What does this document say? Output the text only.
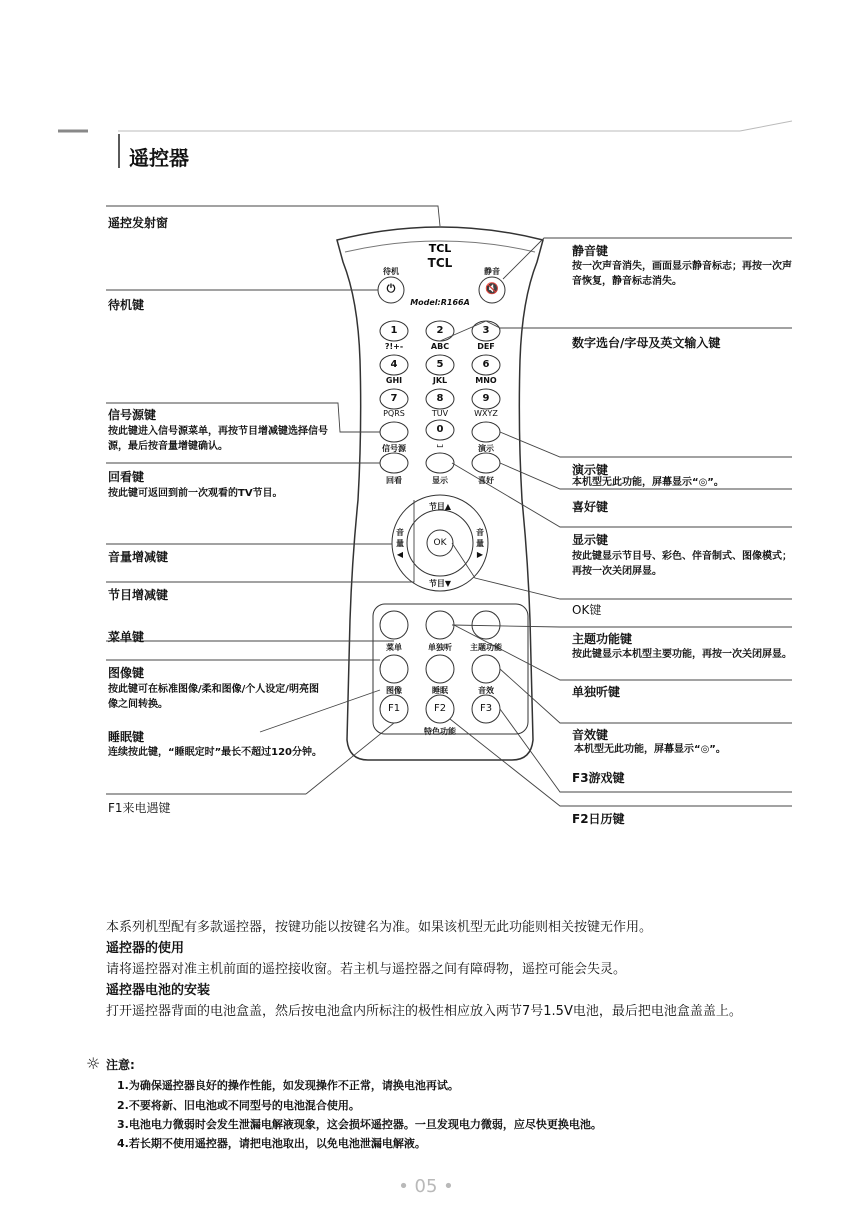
遥控器
TCL
TCL
Model:R166A
待机
⏻
静音
🔇
1	2	3
?!+-	ABC	DEF
4	5	6
GHI	JKL	MNO
7	8	9
PQRS	TUV	WXYZ
0
⌴
信号源	演示
回看	显示	喜好
节目▲
节目▼
音量◀
音量▶
OK
菜单	单独听	主题功能
图像	睡眠	音效
F1	F2	F3
特色功能
遥控发射窗
待机键
信号源键
按此键进入信号源菜单，再按节目增减键选择信号源，最后按音量增键确认。
回看键
按此键可返回到前一次观看的TV节目。
音量增减键
节目增减键
菜单键
图像键
按此键可在标准图像/柔和图像/个人设定/明亮图像之间转换。
睡眠键
连续按此键，“睡眠定时”最长不超过120分钟。
F1来电遇键
静音键
按一次声音消失，画面显示静音标志；再按一次声音恢复，静音标志消失。
数字选台/字母及英文输入键
演示键
本机型无此功能，屏幕显示“◎”。
喜好键
显示键
按此键显示节目号、彩色、伴音制式、图像模式；再按一次关闭屏显。
OK键
主题功能键
按此键显示本机型主要功能，再按一次关闭屏显。
单独听键
音效键
本机型无此功能，屏幕显示“◎”。
F3游戏键
F2日历键
本系列机型配有多款遥控器，按键功能以按键名为准。如果该机型无此功能则相关按键无作用。
遥控器的使用
请将遥控器对准主机前面的遥控接收窗。若主机与遥控器之间有障碍物，遥控可能会失灵。
遥控器电池的安装
打开遥控器背面的电池盒盖，然后按电池盒内所标注的极性相应放入两节7号1.5V电池，最后把电池盒盖盖上。
☼ 注意:
1.为确保遥控器良好的操作性能，如发现操作不正常，请换电池再试。
2.不要将新、旧电池或不同型号的电池混合使用。
3.电池电力微弱时会发生泄漏电解液现象，这会损坏遥控器。一旦发现电力微弱，应尽快更换电池。
4.若长期不使用遥控器，请把电池取出，以免电池泄漏电解液。
• 05 •
